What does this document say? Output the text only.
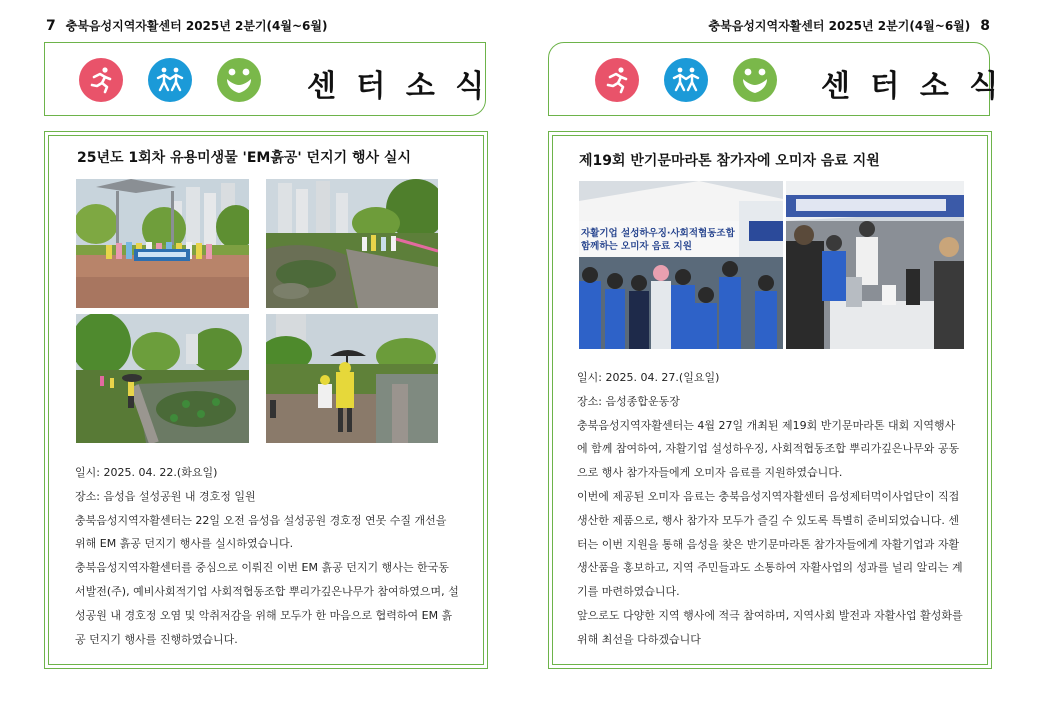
7 충북음성지역자활센터 2025년 2분기(4월~6월)
센 터 소 식
25년도 1회차 유용미생물 'EM흙공' 던지기 행사 실시

일시: 2025. 04. 22.(화요일)

장소: 음성읍 설성공원 내 경호정 일원

충북음성지역자활센터는 22일 오전 음성읍 설성공원 경호정 연못 수질 개선을 위해 EM 흙공 던지기 행사를 실시하였습니다.

충북음성지역자활센터를 중심으로 이뤄진 이번 EM 흙공 던지기 행사는 한국동서발전(주), 예비사회적기업 사회적협동조합 뿌리가깊은나무가 참여하였으며, 설성공원 내 경호정 오염 및 악취저감을 위해 모두가 한 마음으로 협력하여 EM 흙공 던지기 행사를 진행하였습니다.

충북음성지역자활센터 2025년 2분기(4월~6월) 8
센 터 소 식
제19회 반기문마라톤 참가자에 오미자 음료 지원
자활기업 설성하우징·사회적협동조합
함께하는 오미자 음료 지원

일시: 2025. 04. 27.(일요일)

장소: 음성종합운동장

충북음성지역자활센터는 4월 27일 개최된 제19회 반기문마라톤 대회 지역행사에 함께 참여하여, 자활기업 설성하우징, 사회적협동조합 뿌리가깊은나무와 공동으로 행사 참가자들에게 오미자 음료를 지원하였습니다.

이번에 제공된 오미자 음료는 충북음성지역자활센터 음성제터먹이사업단이 직접 생산한 제품으로, 행사 참가자 모두가 즐길 수 있도록 특별히 준비되었습니다. 센터는 이번 지원을 통해 음성을 찾은 반기문마라톤 참가자들에게 자활기업과 자활생산품을 홍보하고, 지역 주민들과도 소통하여 자활사업의 성과를 널리 알리는 계기를 마련하였습니다.

앞으로도 다양한 지역 행사에 적극 참여하며, 지역사회 발전과 자활사업 활성화를 위해 최선을 다하겠습니다
